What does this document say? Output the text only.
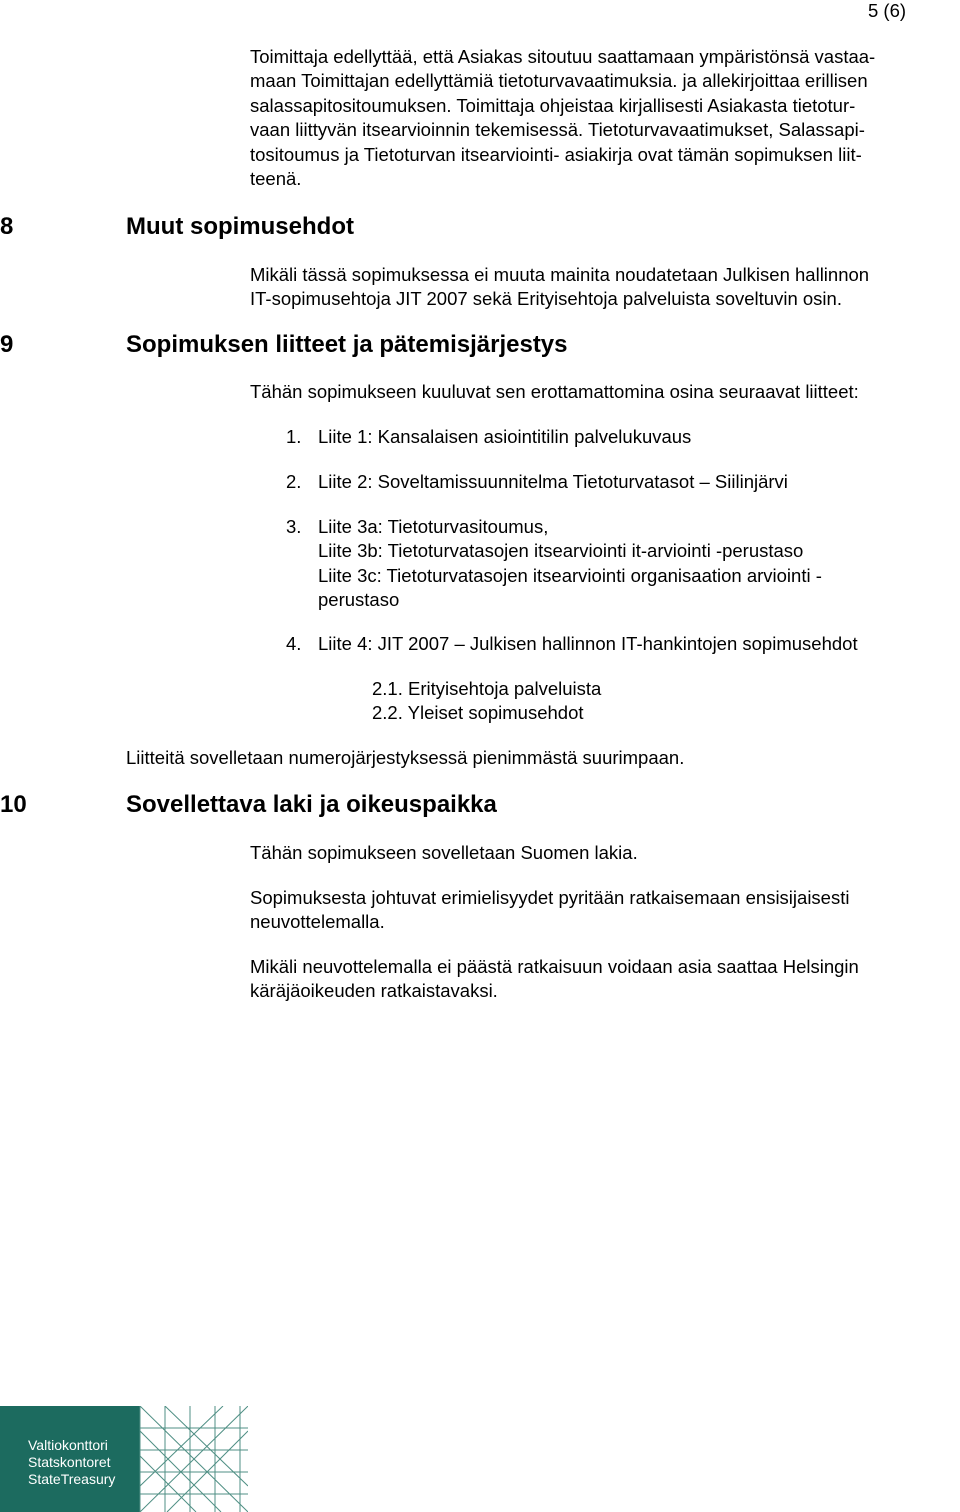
5 (6)
Toimittaja edellyttää, että Asiakas sitoutuu saattamaan ympäristönsä vastaa-
maan Toimittajan edellyttämiä tietoturvavaatimuksia. ja allekirjoittaa erillisen
salassapitositoumuksen. Toimittaja ohjeistaa kirjallisesti Asiakasta tietotur-
vaan liittyvän itsearvioinnin tekemisessä. Tietoturvavaatimukset, Salassapi-
tositoumus ja Tietoturvan itsearviointi- asiakirja ovat tämän sopimuksen liit-
teenä.
8	Muut sopimusehdot
Mikäli tässä sopimuksessa ei muuta mainita noudatetaan Julkisen hallinnon
IT-sopimusehtoja JIT 2007 sekä Erityisehtoja palveluista soveltuvin osin.
9	Sopimuksen liitteet ja pätemisjärjestys
Tähän sopimukseen kuuluvat sen erottamattomina osina seuraavat liitteet:
1. Liite 1: Kansalaisen asiointitilin palvelukuvaus
2. Liite 2: Soveltamissuunnitelma Tietoturvatasot – Siilinjärvi
3. Liite 3a: Tietoturvasitoumus,
Liite 3b: Tietoturvatasojen itsearviointi it-arviointi -perustaso
Liite 3c: Tietoturvatasojen itsearviointi organisaation arviointi -
perustaso
4. Liite 4: JIT 2007 – Julkisen hallinnon IT-hankintojen sopimusehdot
2.1. Erityisehtoja palveluista
2.2. Yleiset sopimusehdot
Liitteitä sovelletaan numerojärjestyksessä pienimmästä suurimpaan.
10	Sovellettava laki ja oikeuspaikka
Tähän sopimukseen sovelletaan Suomen lakia.
Sopimuksesta johtuvat erimielisyydet pyritään ratkaisemaan ensisijaisesti
neuvottelemalla.
Mikäli neuvottelemalla ei päästä ratkaisuun voidaan asia saattaa Helsingin
käräjäoikeuden ratkaistavaksi.
Valtiokonttori
Statskontoret
StateTreasury
